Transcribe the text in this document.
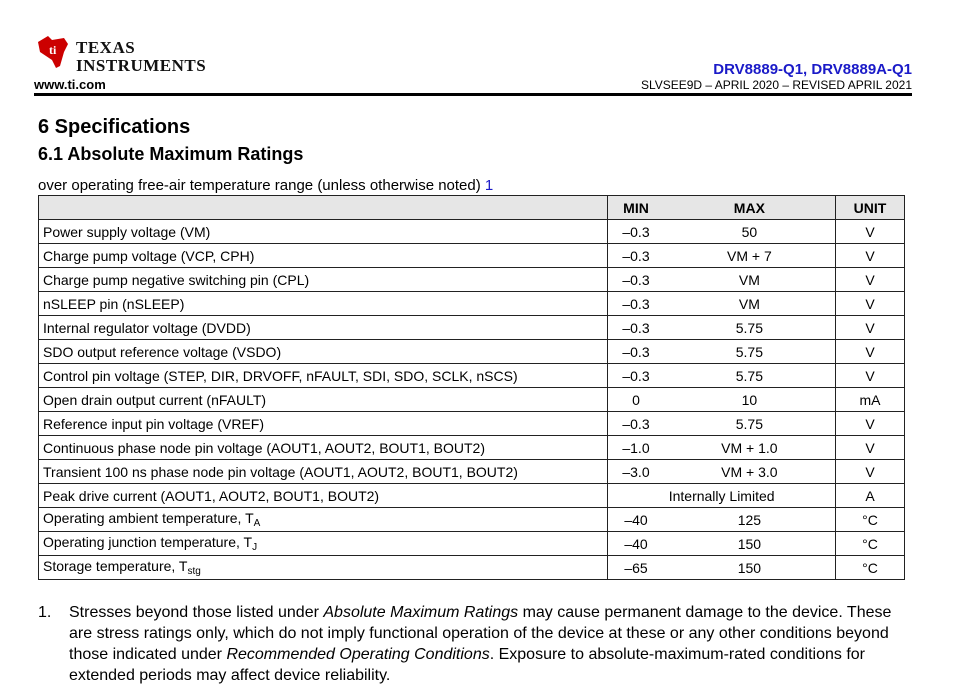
ti TEXAS
INSTRUMENTS
www.ti.com
DRV8889-Q1, DRV8889A-Q1
SLVSEE9D – APRIL 2020 – REVISED APRIL 2021
6 Specifications
6.1 Absolute Maximum Ratings
over operating free-air temperature range (unless otherwise noted) 1
	MIN	MAX	UNIT
Power supply voltage (VM)	–0.3	50	V
Charge pump voltage (VCP, CPH)	–0.3	VM + 7	V
Charge pump negative switching pin (CPL)	–0.3	VM	V
nSLEEP pin (nSLEEP)	–0.3	VM	V
Internal regulator voltage (DVDD)	–0.3	5.75	V
SDO output reference voltage (VSDO)	–0.3	5.75	V
Control pin voltage (STEP, DIR, DRVOFF, nFAULT, SDI, SDO, SCLK, nSCS)	–0.3	5.75	V
Open drain output current (nFAULT)	0	10	mA
Reference input pin voltage (VREF)	–0.3	5.75	V
Continuous phase node pin voltage (AOUT1, AOUT2, BOUT1, BOUT2)	–1.0	VM + 1.0	V
Transient 100 ns phase node pin voltage (AOUT1, AOUT2, BOUT1, BOUT2)	–3.0	VM + 3.0	V
Peak drive current (AOUT1, AOUT2, BOUT1, BOUT2)	Internally Limited		A
Operating ambient temperature, $T_A$	–40	125	°C
Operating junction temperature, $T_J$	–40	150	°C
Storage temperature, $T_{stg}$	–65	150	°C
1. Stresses beyond those listed under Absolute Maximum Ratings may cause permanent damage to the device. These are stress ratings only, which do not imply functional operation of the device at these or any other conditions beyond those indicated under Recommended Operating Conditions. Exposure to absolute-maximum-rated conditions for extended periods may affect device reliability.
